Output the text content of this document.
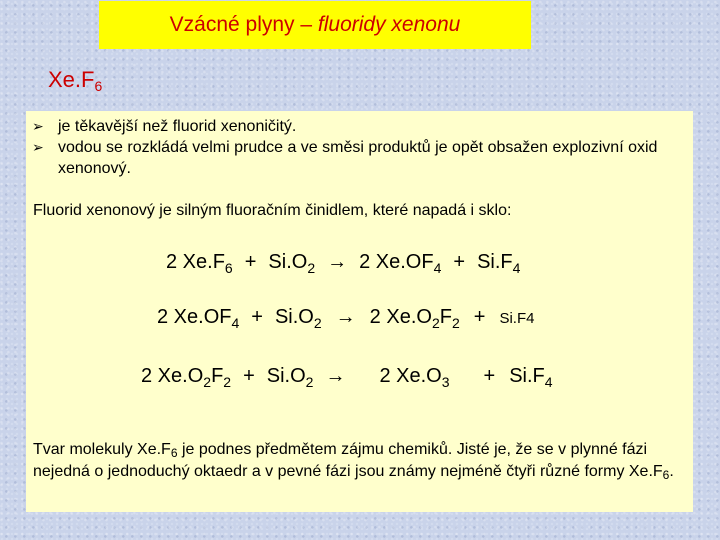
Vzácné plyny – fluoridy xenonu
$Xe.F_6$
➢ je těkavější než fluorid xenoničitý.
➢ vodou se rozkládá velmi prudce a ve směsi produktů je opět obsažen explozivní oxid xenonový.
Fluorid xenonový je silným fluoračním činidlem, které napadá i sklo:
2 $Xe.F_6 + Si.O_2 \to 2$ $Xe.OF_4 + Si.F_4$
2 $Xe.OF_4 + Si.O_2 \to 2$ $Xe.O_2F_2 + Si.F4$
2 $Xe.O_2F_2 + Si.O_2 \to 2$ $Xe.O_3 + Si.F_4$
Tvar molekuly $Xe.F_6$ je podnes předmětem zájmu chemiků. Jisté je, že se v plynné fázi nejedná o jednoduchý oktaedr a v pevné fázi jsou známy nejméně čtyři různé formy $Xe.F_6$.
